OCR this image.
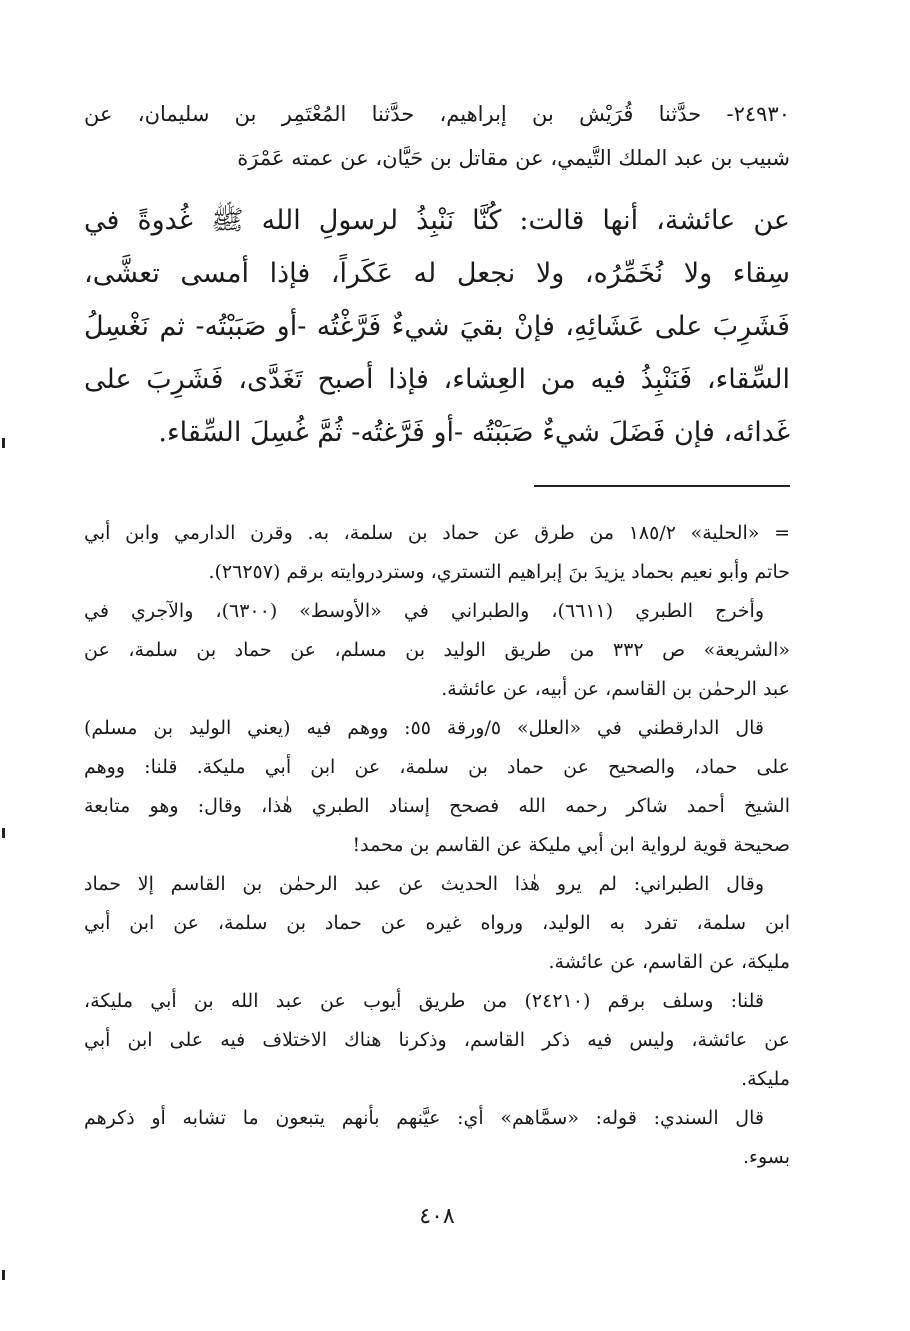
٢٤٩٣٠- حدَّثنا قُرَيْش بن إبراهيم، حدَّثنا المُعْتَمِر بن سليمان، عن
شبيب بن عبد الملك التَّيمي، عن مقاتل بن حَيَّان، عن عمته عَمْرَة
عن عائشة، أنها قالت: كُنَّا نَنْبِذُ لرسولِ الله ﷺ غُدوةً في
سِقاء ولا نُخَمِّرُه، ولا نجعل له عَكَراً، فإذا أمسى تعشَّى،
فَشَرِبَ على عَشَائِهِ، فإنْ بقيَ شيءٌ فَرَّغْتُه -أو صَبَبْتُه- ثم نَغْسِلُ
السِّقاء، فَنَنْبِذُ فيه من العِشاء، فإذا أصبح تَغَدَّى، فَشَرِبَ على
غَدائه، فإن فَضَلَ شيءٌ صَبَبْتُه -أو فَرَّغتُه- ثُمَّ غُسِلَ السِّقاء.
= «الحلية» ١٨٥/٢ من طرق عن حماد بن سلمة، به. وقرن الدارمي وابن أبي
حاتم وأبو نعيم بحماد يزيدَ بنَ إبراهيم التستري، وستردروايته برقم (٢٦٢٥٧).
وأخرج الطبري (٦٦١١)، والطبراني في «الأوسط» (٦٣٠٠)، والآجري في
«الشريعة» ص ٣٣٢ من طريق الوليد بن مسلم، عن حماد بن سلمة، عن
عبد الرحمٰن بن القاسم، عن أبيه، عن عائشة.
قال الدارقطني في «العلل» ٥/ورقة ٥٥: ووهم فيه (يعني الوليد بن مسلم)
على حماد، والصحيح عن حماد بن سلمة، عن ابن أبي مليكة. قلنا: ووهم
الشيخ أحمد شاكر رحمه الله فصحح إسناد الطبري هٰذا، وقال: وهو متابعة
صحيحة قوية لرواية ابن أبي مليكة عن القاسم بن محمد!
وقال الطبراني: لم يرو هٰذا الحديث عن عبد الرحمٰن بن القاسم إلا حماد
ابن سلمة، تفرد به الوليد، ورواه غيره عن حماد بن سلمة، عن ابن أبي
مليكة، عن القاسم، عن عائشة.
قلنا: وسلف برقم (٢٤٢١٠) من طريق أيوب عن عبد الله بن أبي مليكة،
عن عائشة، وليس فيه ذكر القاسم، وذكرنا هناك الاختلاف فيه على ابن أبي
مليكة.
قال السندي: قوله: «سمَّاهم» أي: عيَّنهم بأنهم يتبعون ما تشابه أو ذكرهم
بسوء.
٤٠٨
